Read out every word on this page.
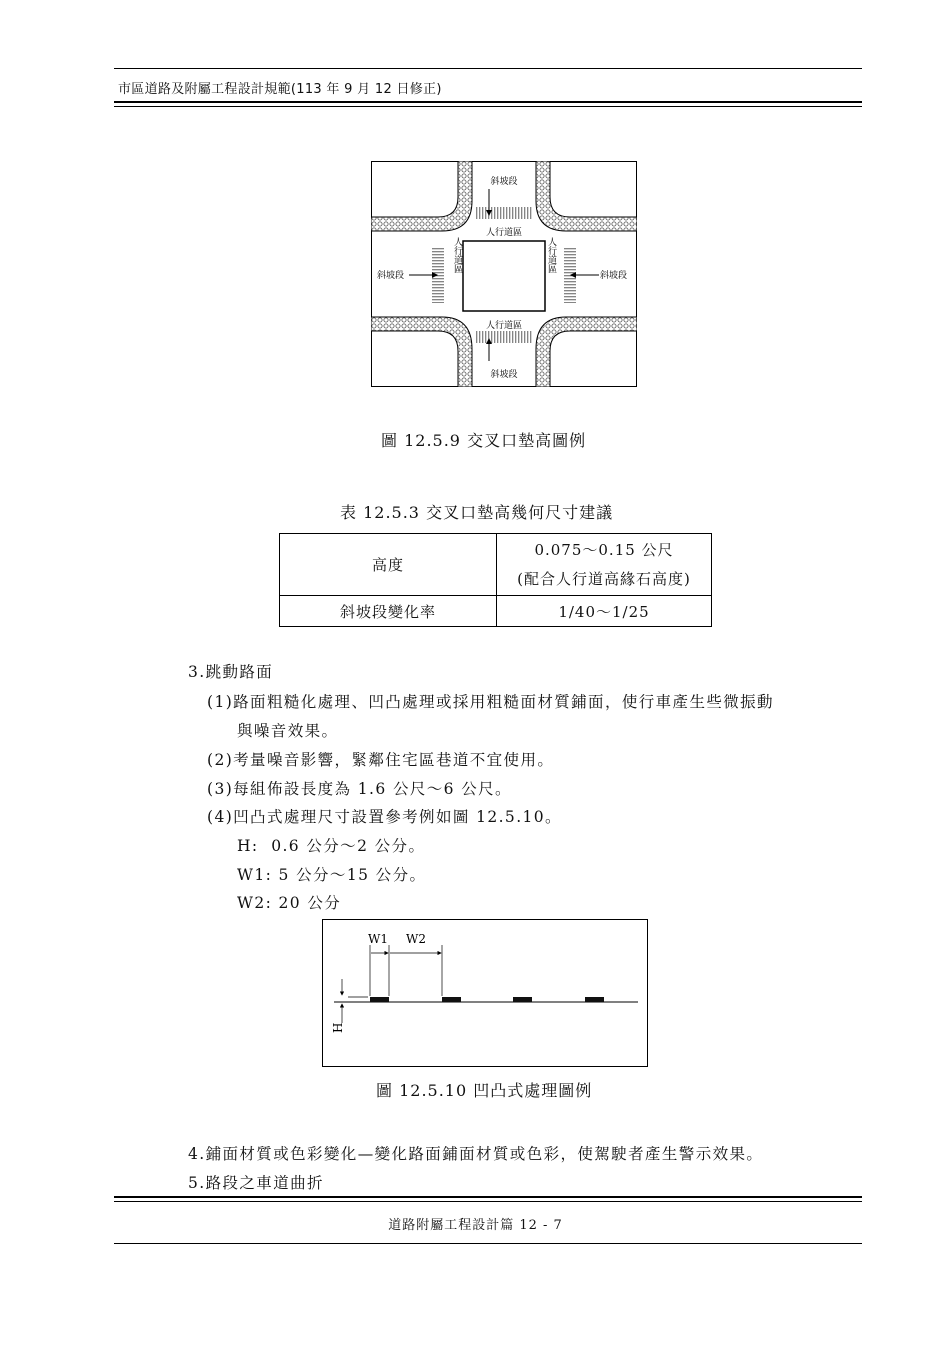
市區道路及附屬工程設計規範(113 年 9 月 12 日修正)
斜坡段
斜坡段
斜坡段	斜坡段
人行道區
人行道區
人行道區	人行道區
圖 12.5.9 交叉口墊高圖例
表 12.5.3 交叉口墊高幾何尺寸建議
高度	0.075～0.15 公尺
(配合人行道高緣石高度)

斜坡段變化率	1/40～1/25
3.跳動路面
(1)路面粗糙化處理、凹凸處理或採用粗糙面材質鋪面，使行車產生些微振動
與噪音效果。
(2)考量噪音影響，緊鄰住宅區巷道不宜使用。
(3)每組佈設長度為 1.6 公尺～6 公尺。
(4)凹凸式處理尺寸設置參考例如圖 12.5.10。
H:  0.6 公分～2 公分。
W1: 5 公分～15 公分。
W2: 20 公分
W1 W2
H
圖 12.5.10 凹凸式處理圖例
4.鋪面材質或色彩變化—變化路面鋪面材質或色彩，使駕駛者產生警示效果。
5.路段之車道曲折
道路附屬工程設計篇 12 - 7
